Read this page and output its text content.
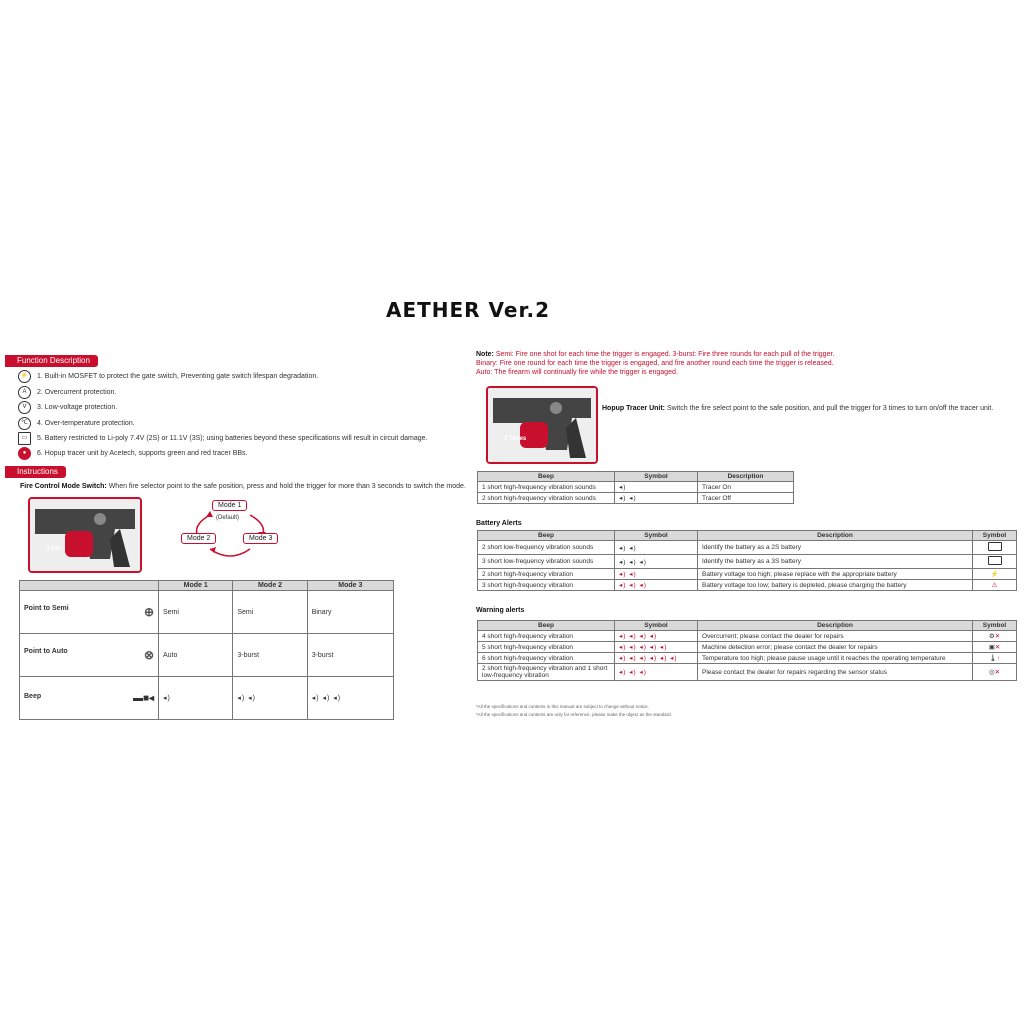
AETHER Ver.2
Function Description
⚡	1. Built-in MOSFET to protect the gate switch, Preventing gate switch lifespan degradation.
A	2. Overcurrent protection.
V	3. Low-voltage protection.
℃	4. Over-temperature protection.
▭	5. Battery restricted to Li-poly 7.4V (2S) or 11.1V (3S); using batteries beyond these specifications will result in circuit damage.
●	6. Hopup tracer unit by Acetech, supports green and red tracer BBs.
Instructions
Fire Control Mode Switch: When fire selector point to the safe position, press and hold the trigger for more than 3 seconds to switch the mode.
3 Sec
Mode 1
(Default)
Mode 2	Mode 3
	Mode 1	Mode 2	Mode 3
Point to Semi ⊕	Semi	Semi	Binary
Point to Auto ⊗	Auto	3-burst	3-burst
Beep ▬■◂	◂)	◂) ◂)	◂) ◂) ◂)
Note: Semi: Fire one shot for each time the trigger is engaged. 3-burst: Fire three rounds for each pull of the trigger.
Binary: Fire one round for each time the trigger is engaged, and fire another round each time the trigger is released.
Auto: The firearm will continually fire while the trigger is engaged.
3 Times
Hopup Tracer Unit: Switch the fire select point to the safe position, and pull the trigger for 3 times to turn on/off the tracer unit.
Beep	Symbol	Description
1 short high-frequency vibration sounds	◂)	Tracer On
2 short high-frequency vibration sounds	◂) ◂)	Tracer Off
Battery Alerts
Beep	Symbol	Description	Symbol
2 short low-frequency vibration sounds	◂) ◂)	Identify the battery as a 2S battery	
3 short low-frequency vibration sounds	◂) ◂) ◂)	Identify the battery as a 3S battery	
2 short high-frequency vibration	◂) ◂)	Battery voltage too high; please replace with the appropriate battery	⚡
3 short high-frequency vibration	◂) ◂) ◂)	Battery voltage too low; battery is depleted, please charging the battery	⚠
Warning alerts
Beep	Symbol	Description	Symbol
4 short high-frequency vibration	◂) ◂) ◂) ◂)	Overcurrent; please contact the dealer for repairs	⚙✕
5 short high-frequency vibration	◂) ◂) ◂) ◂) ◂)	Machine detection error; please contact the dealer for repairs	▣✕
6 short high-frequency vibration	◂) ◂) ◂) ◂) ◂) ◂)	Temperature too high; please pause usage until it reaches the operating temperature	🌡↑
2 short high-frequency vibration and 1 short low-frequency vibration	◂) ◂) ◂)	Please contact the dealer for repairs regarding the sensor status	◎✕
*All the specifications and contents in this manual are subject to change without notice.
*All the specifications and contents are only for reference, please make the object as the standard.
